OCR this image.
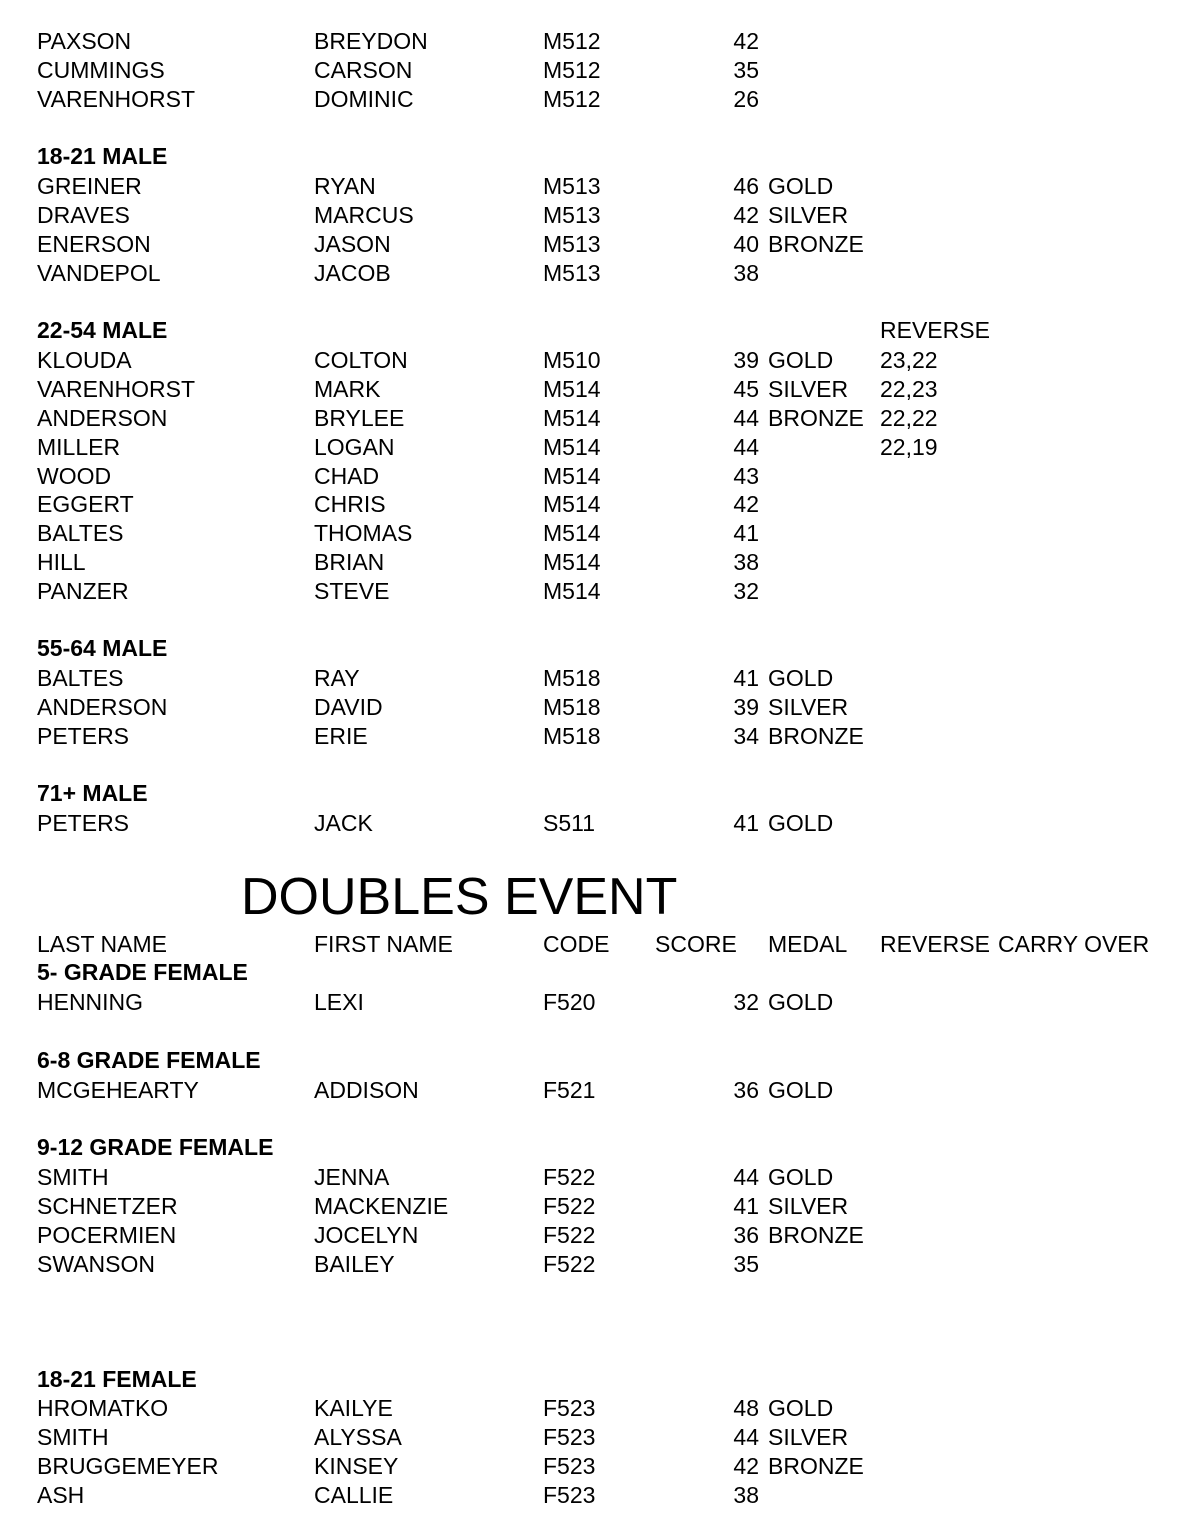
PAXSON	BREYDON	M512	42
CUMMINGS	CARSON	M512	35
VARENHORST	DOMINIC	M512	26
18-21 MALE
GREINER	RYAN	M513	46 GOLD
DRAVES	MARCUS	M513	42 SILVER
ENERSON	JASON	M513	40 BRONZE
VANDEPOL	JACOB	M513	38
22-54 MALE	REVERSE
KLOUDA	COLTON	M510	39 GOLD 23,22
VARENHORST	MARK	M514	45 SILVER 22,23
ANDERSON	BRYLEE	M514	44 BRONZE 22,22
MILLER	LOGAN	M514	44	22,19
WOOD	CHAD	M514	43
EGGERT	CHRIS	M514	42
BALTES	THOMAS	M514	41
HILL	BRIAN	M514	38
PANZER	STEVE	M514	32
55-64 MALE
BALTES	RAY	M518	41 GOLD
ANDERSON	DAVID	M518	39 SILVER
PETERS	ERIE	M518	34 BRONZE
71+ MALE
PETERS	JACK	S511	41 GOLD
DOUBLES EVENT
LAST NAME	FIRST NAME	CODE SCORE MEDAL REVERSE CARRY OVER
5- GRADE FEMALE
HENNING	LEXI	F520	32 GOLD
6-8 GRADE FEMALE
MCGEHEARTY	ADDISON	F521	36 GOLD
9-12 GRADE FEMALE
SMITH	JENNA	F522	44 GOLD
SCHNETZER	MACKENZIE	F522	41 SILVER
POCERMIEN	JOCELYN	F522	36 BRONZE
SWANSON	BAILEY	F522	35
18-21 FEMALE
HROMATKO	KAILYE	F523	48 GOLD
SMITH	ALYSSA	F523	44 SILVER
BRUGGEMEYER	KINSEY	F523	42 BRONZE
ASH	CALLIE	F523	38
